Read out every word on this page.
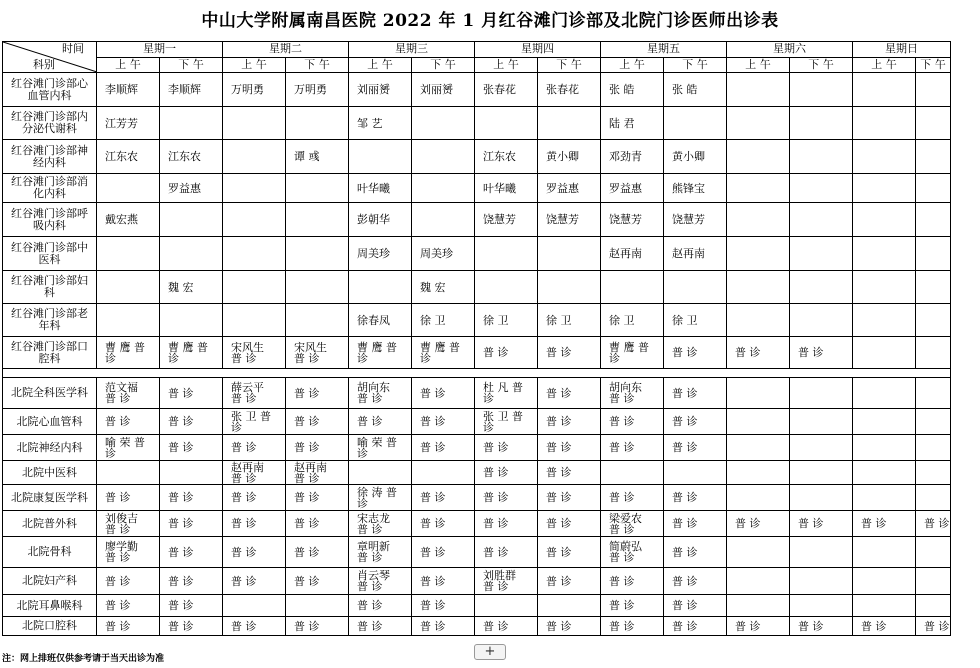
中山大学附属南昌医院 2022 年 1 月红谷滩门诊部及北院门诊医师出诊表
时间
科别	星期一		星期二		星期三		星期四		星期五		星期六		星期日	
	上 午	下 午	上 午	下 午	上 午	下 午	上 午	下 午	上 午	下 午	上 午	下 午	上 午	下 午
红谷滩门诊部心血管内科	李顺辉	李顺辉	万明勇	万明勇	刘丽赟	刘丽赟	张春花	张春花	张 皓	张 皓				

红谷滩门诊部内分泌代谢科	江芳芳				邹 艺				陆 君					

红谷滩门诊部神经内科	江东农	江东农		谭 彧			江东农	黄小卿	邓劲青	黄小卿				

红谷滩门诊部消化内科		罗益惠			叶华曦		叶华曦	罗益惠	罗益惠	熊锋宝				

红谷滩门诊部呼吸内科	戴宏燕				彭朝华		饶慧芳	饶慧芳	饶慧芳	饶慧芳				

红谷滩门诊部中医科					周美珍	周美珍			赵再南	赵再南				

红谷滩门诊部妇科		魏 宏				魏 宏								

红谷滩门诊部老年科					徐春凤	徐 卫	徐 卫	徐 卫	徐 卫	徐 卫				

红谷滩门诊部口腔科	曹 鹰 普 诊	曹 鹰 普 诊	宋风生 普 诊	宋风生 普 诊	曹 鹰 普 诊	曹 鹰 普 诊	普 诊	普 诊	曹 鹰 普 诊	普 诊	普 诊	普 诊		

北院全科医学科	范文福 普 诊	普 诊	薛云平 普 诊	普 诊	胡向东 普 诊	普 诊	杜 凡 普 诊	普 诊	胡向东 普 诊	普 诊				

北院心血管科	普 诊	普 诊	张 卫 普 诊	普 诊	普 诊	普 诊	张 卫 普 诊	普 诊	普 诊	普 诊				

北院神经内科	喻 荣 普 诊	普 诊	普 诊	普 诊	喻 荣 普 诊	普 诊	普 诊	普 诊	普 诊	普 诊				

北院中医科			赵再南 普 诊	赵再南 普 诊			普 诊	普 诊						

北院康复医学科	普 诊	普 诊	普 诊	普 诊	徐 涛 普 诊	普 诊	普 诊	普 诊	普 诊	普 诊				

北院普外科	刘俊吉 普 诊	普 诊	普 诊	普 诊	宋志龙 普 诊	普 诊	普 诊	普 诊	梁爱农 普 诊	普 诊	普 诊	普 诊	普 诊	普 诊

北院骨科	廖学勤 普 诊	普 诊	普 诊	普 诊	章明新 普 诊	普 诊	普 诊	普 诊	简蔚弘 普 诊	普 诊				

北院妇产科	普 诊	普 诊	普 诊	普 诊	肖云琴 普 诊	普 诊	刘胜群 普 诊	普 诊	普 诊	普 诊				

北院耳鼻喉科	普 诊	普 诊			普 诊	普 诊			普 诊	普 诊				

北院口腔科	普 诊	普 诊	普 诊	普 诊	普 诊	普 诊	普 诊	普 诊	普 诊	普 诊	普 诊	普 诊	普 诊	普 诊
注：网上排班仅供参考请于当天出诊为准	+
